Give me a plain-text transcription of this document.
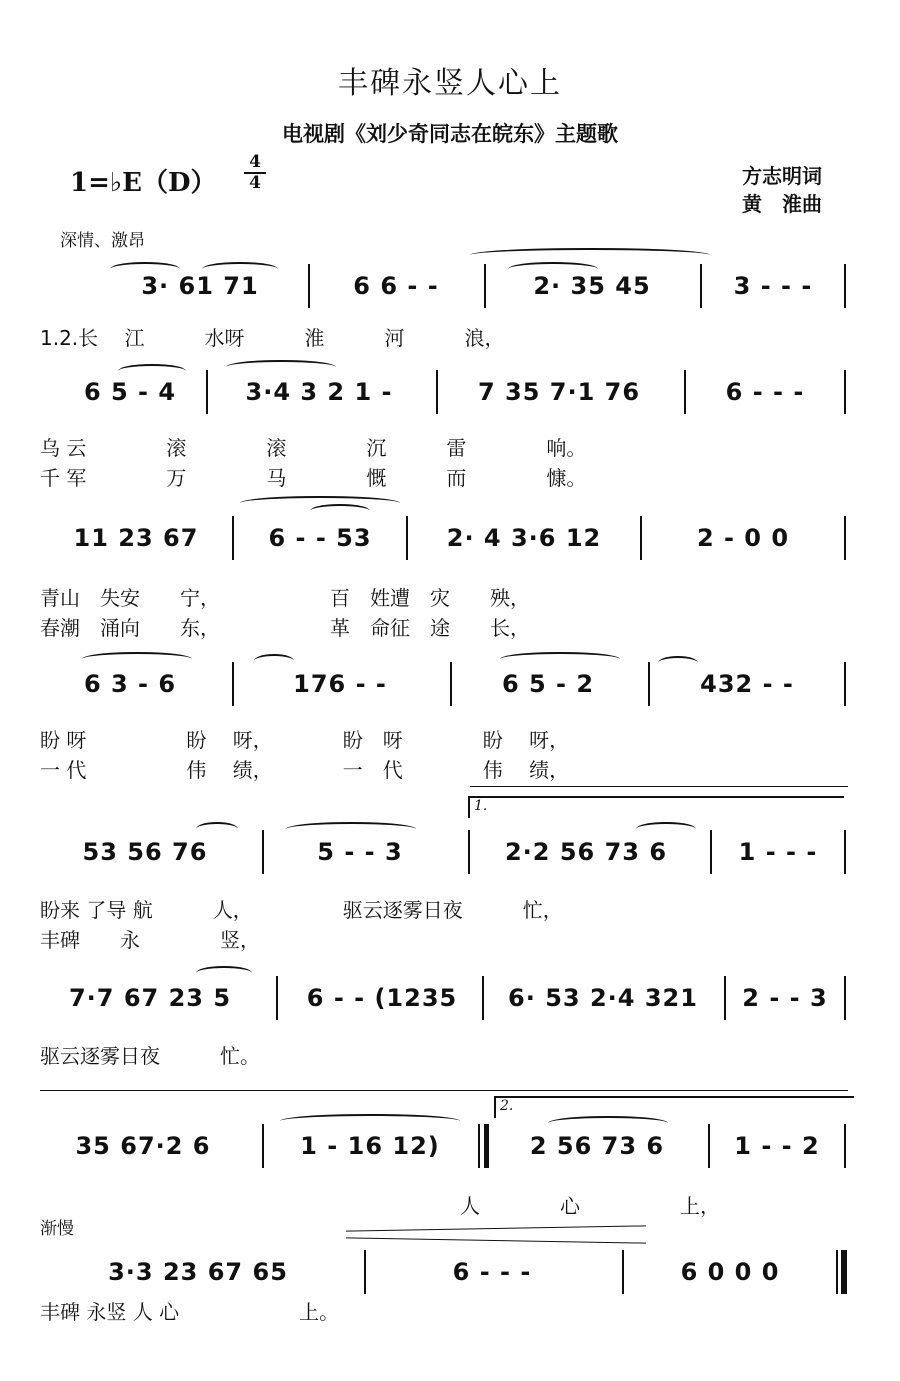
丰碑永竖人心上
电视剧《刘少奇同志在皖东》主题歌
1=♭E（D）
4
4	方志明词
黄　淮曲
深情、激昂
3· 61 71	6 6 - -	2· 35 45	3 - - -
1.2.长　 江　　　水呀　　　淮　　　河　　　浪，
6 5 - 4	3·4 3 2 1 -	7 35 7·1 76	6 - - -
乌 云　　　　滚　　　　滚　　　　沉　　　雷　　　　响。
千 军　　　　万　　　　马　　　　慨　　　而　　　　慷。
11 23 67	6 - - 53	2· 4 3·6 12	2 - 0 0
青山　失安　　宁，　　　　　　百　姓遭　灾　　殃，
春潮　涌向　　东，　　　　　　革　命征　途　　长，
6 3 - 6	176 - -	6 5 - 2	432 - -
盼 呀　　　　　盼　 呀，　　　　盼　呀　　　　盼　 呀，
一 代　　　　　伟　 绩，　　　　一　代　　　　伟　 绩，
1.
53 56 76	5 - - 3	2·2 56 73 6	1 - - -
盼来 了导 航　　　人，　　　　　驱云逐雾日夜　　　忙，
丰碑　　永　　　　竖，
7·7 67 23 5	6 - - (1235	6· 53 2·4 321	2 - - 3
驱云逐雾日夜　　　忙。
2.
35 67·2 6	1 - 16 12)	2 56 73 6	1 - - 2
　　　　　　　　　　　　　　　　　　　　　人　　　　心　　　　　上，
渐慢
3·3 23 67 65	6 - - -	6 0 0 0
丰碑 永竖 人 心　　　　　　上。
